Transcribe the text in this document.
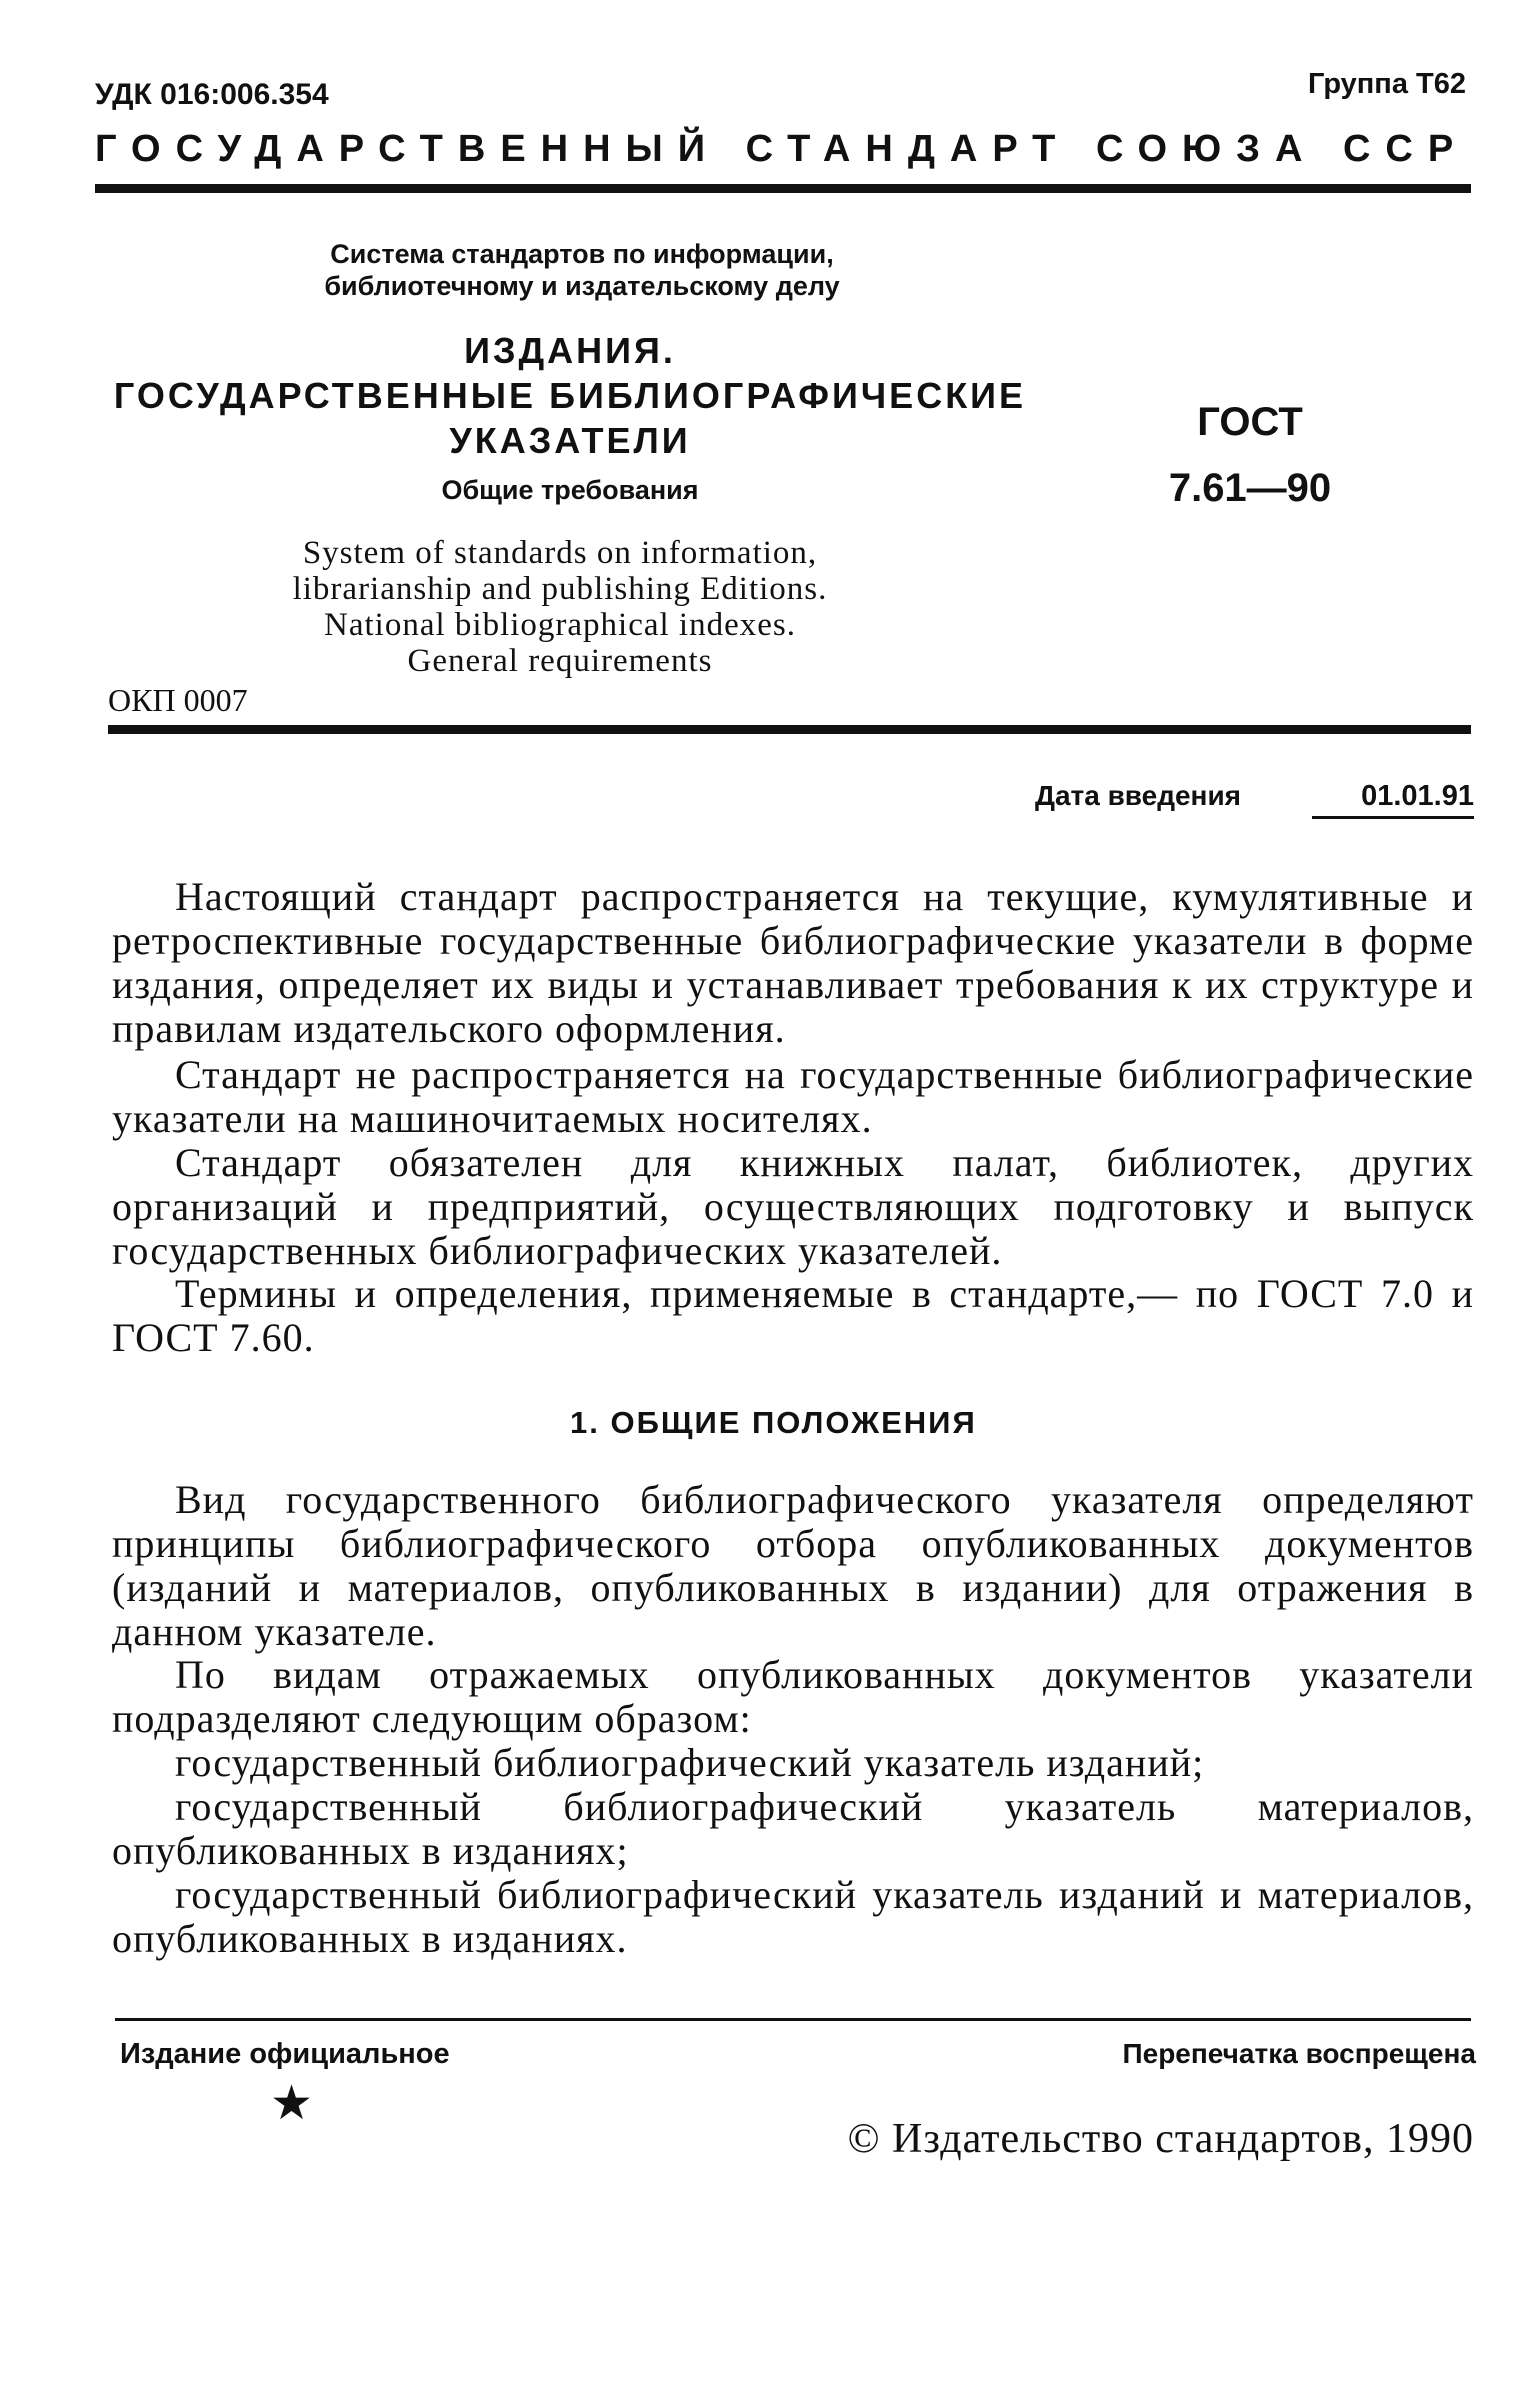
УДК 016:006.354	Группа Т62
ГОСУДАРСТВЕННЫЙ СТАНДАРТ СОЮЗА ССР
Система стандартов по информации,
библиотечному и издательскому делу
ИЗДАНИЯ.
ГОСУДАРСТВЕННЫЕ БИБЛИОГРАФИЧЕСКИЕ
УКАЗАТЕЛИ
Общие требования
ГОСТ
7.61—90
System of standards on information,
librarianship and publishing Editions.
National bibliographical indexes.
General requirements
ОКП 0007
Дата введения	01.01.91
Настоящий стандарт распространяется на текущие, кумулятивные и ретроспективные государственные библиографические указатели в форме издания, определяет их виды и устанавливает требования к их структуре и правилам издательского оформления.
Стандарт не распространяется на государственные библиографические указатели на машиночитаемых носителях.
Стандарт обязателен для книжных палат, библиотек, других организаций и предприятий, осуществляющих подготовку и выпуск государственных библиографических указателей.
Термины и определения, применяемые в стандарте,— по ГОСТ 7.0 и ГОСТ 7.60.
1. ОБЩИЕ ПОЛОЖЕНИЯ
Вид государственного библиографического указателя определяют принципы библиографического отбора опубликованных документов (изданий и материалов, опубликованных в издании) для отражения в данном указателе.
По видам отражаемых опубликованных документов указатели подразделяют следующим образом:
государственный библиографический указатель изданий;
государственный библиографический указатель материалов, опубликованных в изданиях;
государственный библиографический указатель изданий и материалов, опубликованных в изданиях.
Издание официальное	Перепечатка воспрещена
★
© Издательство стандартов, 1990
